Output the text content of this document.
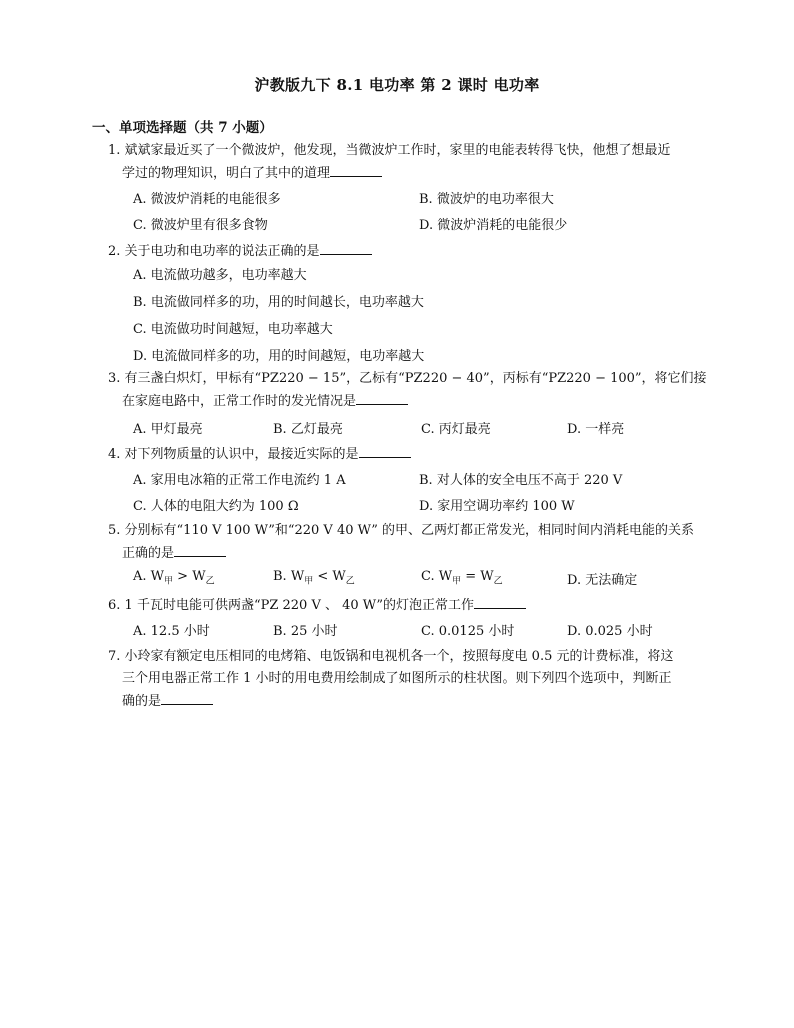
沪教版九下 8.1 电功率 第 2 课时 电功率
一、单项选择题（共 7 小题）
1. 斌斌家最近买了一个微波炉，他发现，当微波炉工作时，家里的电能表转得飞快，他想了想最近
学过的物理知识，明白了其中的道理
A. 微波炉消耗的电能很多	B. 微波炉的电功率很大
C. 微波炉里有很多食物	D. 微波炉消耗的电能很少
2. 关于电功和电功率的说法正确的是
A. 电流做功越多，电功率越大
B. 电流做同样多的功，用的时间越长，电功率越大
C. 电流做功时间越短，电功率越大
D. 电流做同样多的功，用的时间越短，电功率越大
3. 有三盏白炽灯，甲标有“PZ220 − 15”，乙标有“PZ220 − 40”，丙标有“PZ220 − 100”，将它们接
在家庭电路中，正常工作时的发光情况是
A. 甲灯最亮	B. 乙灯最亮	C. 丙灯最亮	D. 一样亮
4. 对下列物质量的认识中，最接近实际的是
A. 家用电冰箱的正常工作电流约 1 A	B. 对人体的安全电压不高于 220 V
C. 人体的电阻大约为 100 Ω	D. 家用空调功率约 100 W
5. 分别标有“110 V 100 W”和“220 V 40 W” 的甲、乙两灯都正常发光，相同时间内消耗电能的关系
正确的是
A. $W_甲 > W_乙$	B. $W_甲 < W_乙$	C. $W_甲 = W_乙$	D. 无法确定
6. 1 千瓦时电能可供两盏“PZ 220 V 、 40 W”的灯泡正常工作
A. 12.5 小时	B. 25 小时	C. 0.0125 小时	D. 0.025 小时
7. 小玲家有额定电压相同的电烤箱、电饭锅和电视机各一个，按照每度电 0.5 元的计费标准，将这
三个用电器正常工作 1 小时的用电费用绘制成了如图所示的柱状图。则下列四个选项中，判断正
确的是
